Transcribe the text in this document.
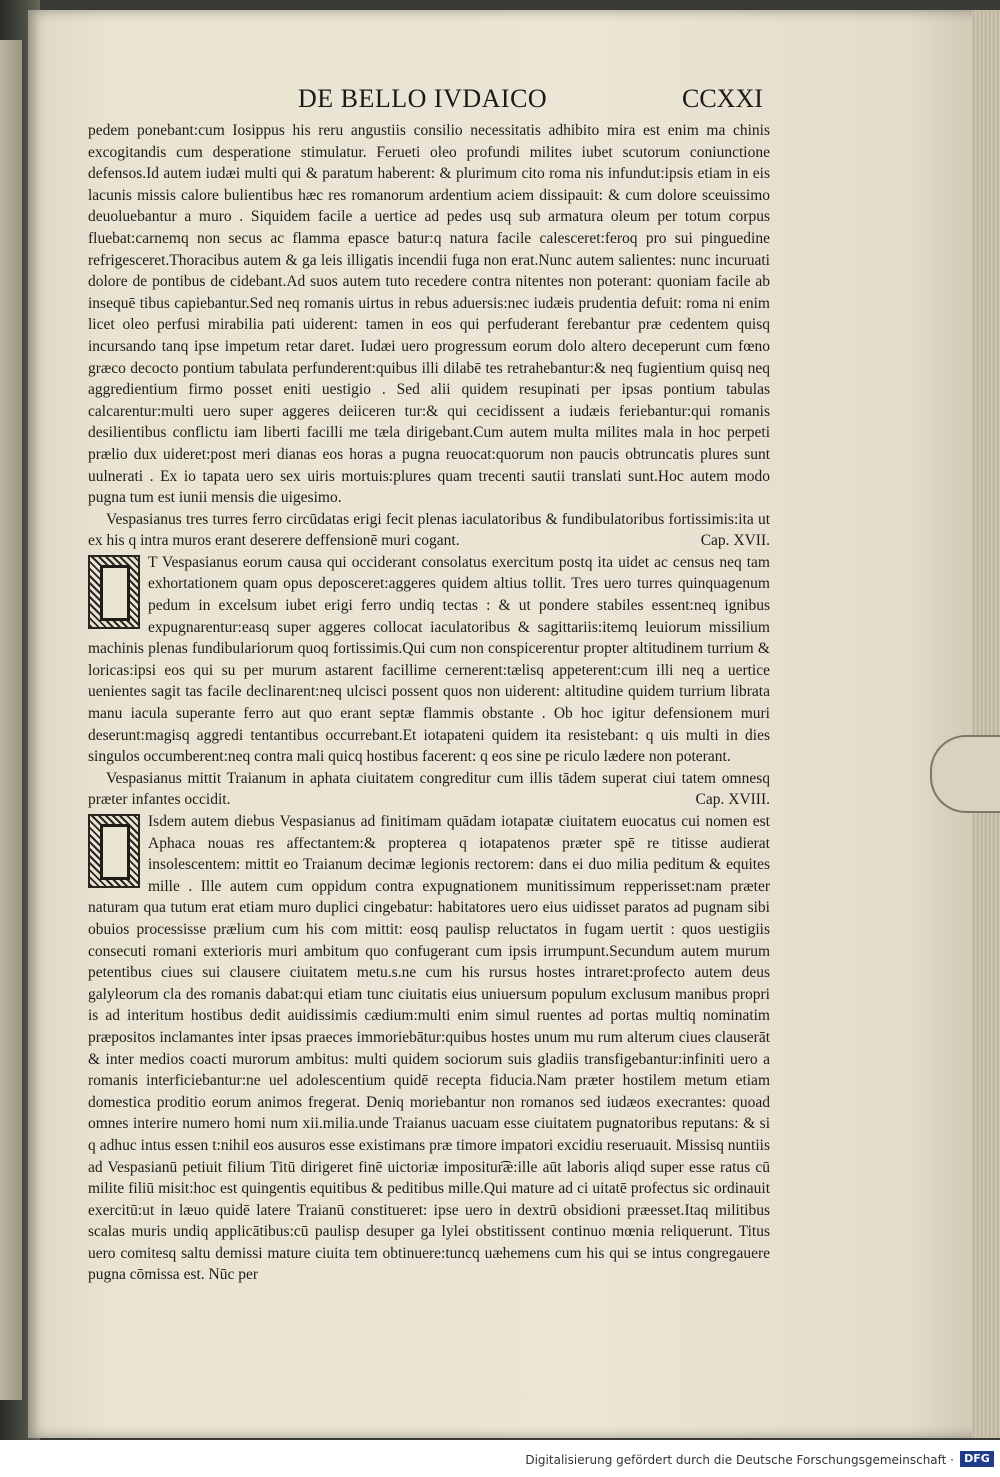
DE BELLO IVDAICO	CCXXI

pedem ponebant:cum Iosippus his reru angustiis consilio necessitatis adhibito mira est enim ma chinis excogitandis cum desperatione stimulatur. Ferueti oleo profundi milites iubet scutorum coniunctione defensos.Id autem iudæi multi qui & paratum haberent: & plurimum cito roma nis infundut:ipsis etiam in eis lacunis missis calore bulientibus hæc res romanorum ardentium aciem dissipauit: & cum dolore sceuissimo deuoluebantur a muro . Siquidem facile a uertice ad pedes usq sub armatura oleum per totum corpus fluebat:carnemq non secus ac flamma epasce batur:q natura facile calesceret:feroq pro sui pinguedine refrigesceret.Thoracibus autem & ga leis illigatis incendii fuga non erat.Nunc autem salientes: nunc incuruati dolore de pontibus de cidebant.Ad suos autem tuto recedere contra nitentes non poterant: quoniam facile ab insequē tibus capiebantur.Sed neq romanis uirtus in rebus aduersis:nec iudæis prudentia defuit: roma ni enim licet oleo perfusi mirabilia pati uiderent: tamen in eos qui perfuderant ferebantur præ cedentem quisq incursando tanq ipse impetum retar daret. Iudæi uero progressum eorum dolo altero deceperunt cum fœno græco decocto pontium tabulata perfunderent:quibus illi dilabē tes retrahebantur:& neq fugientium quisq neq aggredientium firmo posset eniti uestigio . Sed alii quidem resupinati per ipsas pontium tabulas calcarentur:multi uero super aggeres deiiceren tur:& qui cecidissent a iudæis feriebantur:qui romanis desilientibus conflictu iam liberti facilli me tæla dirigebant.Cum autem multa milites mala in hoc perpeti prælio dux uideret:post meri dianas eos horas a pugna reuocat:quorum non paucis obtruncatis plures sunt uulnerati . Ex io tapata uero sex uiris mortuis:plures quam trecenti sautii translati sunt.Hoc autem modo pugna tum est iunii mensis die uigesimo.

Vespasianus tres turres ferro circūdatas erigi fecit plenas iaculatoribus & fundibulatoribus fortissimis:ita ut ex his q intra muros erant deserere deffensionē muri cogant.	Cap. XVII.

T Vespasianus eorum causa qui occiderant consolatus exercitum postq ita uidet ac census neq tam exhortationem quam opus deposceret:aggeres quidem altius tollit. Tres uero turres quinquagenum pedum in excelsum iubet erigi ferro undiq tectas : & ut pondere stabiles essent:neq ignibus expugnarentur:easq super aggeres collocat iaculatoribus & sagittariis:itemq leuiorum missilium machinis plenas fundibulariorum quoq fortissimis.Qui cum non conspicerentur propter altitudinem turrium & loricas:ipsi eos qui su per murum astarent facillime cernerent:tælisq appeterent:cum illi neq a uertice uenientes sagit tas facile declinarent:neq ulcisci possent quos non uiderent: altitudine quidem turrium librata manu iacula superante ferro aut quo erant septæ flammis obstante . Ob hoc igitur defensionem muri deserunt:magisq aggredi tentantibus occurrebant.Et iotapateni quidem ita resistebant: q uis multi in dies singulos occumberent:neq contra mali quicq hostibus facerent: q eos sine pe riculo lædere non poterant.

Vespasianus mittit Traianum in aphata ciuitatem congreditur cum illis tādem superat ciui tatem omnesq præter infantes occidit.	Cap. XVIII.

Isdem autem diebus Vespasianus ad finitimam quādam iotapatæ ciuitatem euocatus cui nomen est Aphaca nouas res affectantem:& propterea q iotapatenos præter spē re titisse audierat insolescentem: mittit eo Traianum decimæ legionis rectorem: dans ei duo milia peditum & equites mille . Ille autem cum oppidum contra expugnationem munitissimum repperisset:nam præter naturam qua tutum erat etiam muro duplici cingebatur: habitatores uero eius uidisset paratos ad pugnam sibi obuios processisse prælium cum his com mittit: eosq paulisp reluctatos in fugam uertit : quos uestigiis consecuti romani exterioris muri ambitum quo confugerant cum ipsis irrumpunt.Secundum autem murum petentibus ciues sui clausere ciuitatem metu.s.ne cum his rursus hostes intraret:profecto autem deus galyleorum cla des romanis dabat:qui etiam tunc ciuitatis eius uniuersum populum exclusum manibus propri is ad interitum hostibus dedit auidissimis cædium:multi enim simul ruentes ad portas multiq nominatim præpositos inclamantes inter ipsas praeces immoriebātur:quibus hostes unum mu rum alterum ciues clauserāt & inter medios coacti murorum ambitus: multi quidem sociorum suis gladiis transfigebantur:infiniti uero a romanis interficiebantur:ne uel adolescentium quidē recepta fiducia.Nam præter hostilem metum etiam domestica proditio eorum animos fregerat. Deniq moriebantur non romanos sed iudæos execrantes: quoad omnes interire numero homi num xii.milia.unde Traianus uacuam esse ciuitatem pugnatoribus reputans: & si q adhuc intus essen t:nihil eos ausuros esse existimans præ timore impatori excidiu reseruauit. Missisq nuntiis ad Vespasianū petiuit filium Titū dirigeret finē uictoriæ impositur͡æ:ille aūt laboris aliqd super esse ratus cū milite filiū misit:hoc est quingentis equitibus & peditibus mille.Qui mature ad ci uitatē profectus sic ordinauit exercitū:ut in læuo quidē latere Traianū constitueret: ipse uero in dextrū obsidioni præesset.Itaq militibus scalas muris undiq applicātibus:cū paulisp desuper ga lylei obstitissent continuo mœnia reliquerunt. Titus uero comitesq saltu demissi mature ciuita tem obtinuere:tuncq uæhemens cum his qui se intus congregauere pugna cōmissa est. Nūc per

Digitalisierung gefördert durch die Deutsche Forschungsgemeinschaft · DFG
